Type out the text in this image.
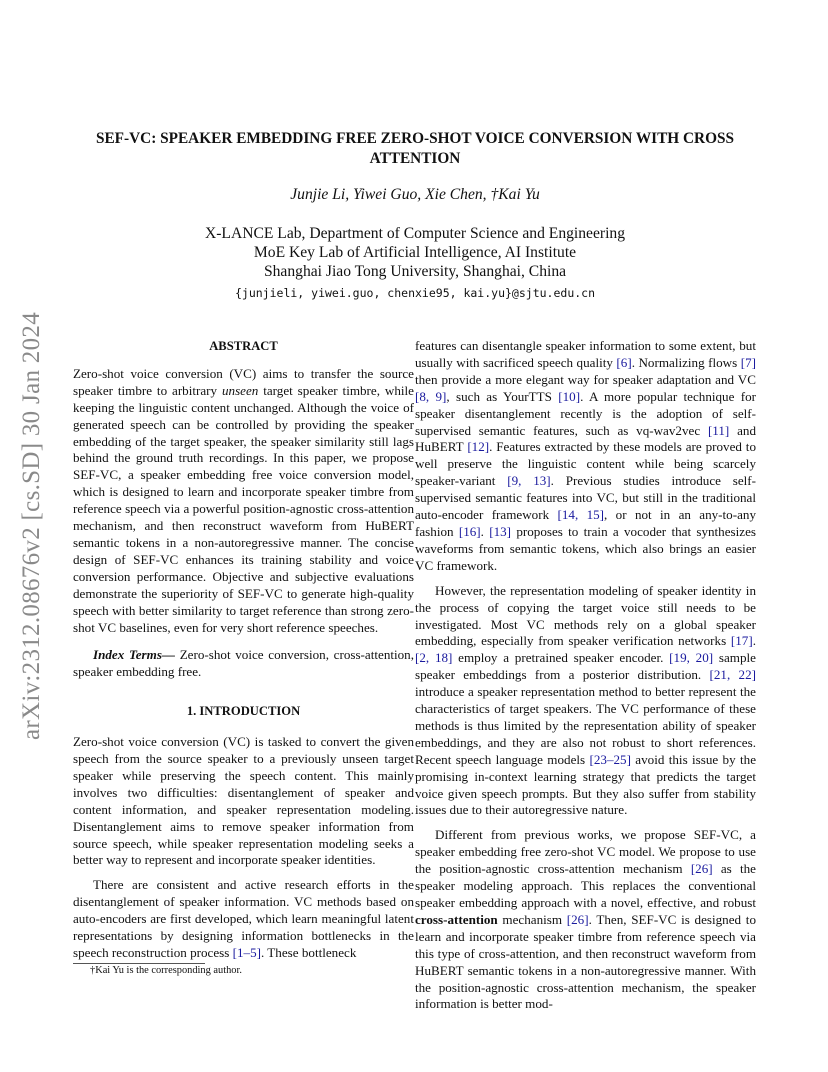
arXiv:2312.08676v2 [cs.SD] 30 Jan 2024
SEF-VC: SPEAKER EMBEDDING FREE ZERO-SHOT VOICE CONVERSION WITH CROSS
ATTENTION
Junjie Li, Yiwei Guo, Xie Chen, †Kai Yu
X-LANCE Lab, Department of Computer Science and Engineering
MoE Key Lab of Artificial Intelligence, AI Institute
Shanghai Jiao Tong University, Shanghai, China
{junjieli, yiwei.guo, chenxie95, kai.yu}@sjtu.edu.cn
ABSTRACT

Zero-shot voice conversion (VC) aims to transfer the source speaker timbre to arbitrary unseen target speaker timbre, while keeping the linguistic content unchanged. Although the voice of generated speech can be controlled by providing the speaker embedding of the target speaker, the speaker similarity still lags behind the ground truth recordings. In this paper, we propose SEF-VC, a speaker embedding free voice conversion model, which is designed to learn and incorporate speaker timbre from reference speech via a powerful position-agnostic cross-attention mechanism, and then reconstruct waveform from HuBERT semantic tokens in a non-autoregressive manner. The concise design of SEF-VC enhances its training stability and voice conversion performance. Objective and subjective evaluations demonstrate the superiority of SEF-VC to generate high-quality speech with better similarity to target reference than strong zero-shot VC baselines, even for very short reference speeches.

Index Terms— Zero-shot voice conversion, cross-attention, speaker embedding free.

1. INTRODUCTION

Zero-shot voice conversion (VC) is tasked to convert the given speech from the source speaker to a previously unseen target speaker while preserving the speech content. This mainly involves two difficulties: disentanglement of speaker and content information, and speaker representation modeling. Disentanglement aims to remove speaker information from source speech, while speaker representation modeling seeks a better way to represent and incorporate speaker identities.

There are consistent and active research efforts in the disentanglement of speaker information. VC methods based on auto-encoders are first developed, which learn meaningful latent representations by designing information bottlenecks in the speech reconstruction process [1–5]. These bottleneck

†Kai Yu is the corresponding author.

features can disentangle speaker information to some extent, but usually with sacrificed speech quality [6]. Normalizing flows [7] then provide a more elegant way for speaker adaptation and VC [8, 9], such as YourTTS [10]. A more popular technique for speaker disentanglement recently is the adoption of self-supervised semantic features, such as vq-wav2vec [11] and HuBERT [12]. Features extracted by these models are proved to well preserve the linguistic content while being scarcely speaker-variant [9, 13]. Previous studies introduce self-supervised semantic features into VC, but still in the traditional auto-encoder framework [14, 15], or not in an any-to-any fashion [16]. [13] proposes to train a vocoder that synthesizes waveforms from semantic tokens, which also brings an easier VC framework.

However, the representation modeling of speaker identity in the process of copying the target voice still needs to be investigated. Most VC methods rely on a global speaker embedding, especially from speaker verification networks [17]. [2, 18] employ a pretrained speaker encoder. [19, 20] sample speaker embeddings from a posterior distribution. [21, 22] introduce a speaker representation method to better represent the characteristics of target speakers. The VC performance of these methods is thus limited by the representation ability of speaker embeddings, and they are also not robust to short references. Recent speech language models [23–25] avoid this issue by the promising in-context learning strategy that predicts the target voice given speech prompts. But they also suffer from stability issues due to their autoregressive nature.

Different from previous works, we propose SEF-VC, a speaker embedding free zero-shot VC model. We propose to use the position-agnostic cross-attention mechanism [26] as the speaker modeling approach. This replaces the conventional speaker embedding approach with a novel, effective, and robust cross-attention mechanism [26]. Then, SEF-VC is designed to learn and incorporate speaker timbre from reference speech via this type of cross-attention, and then reconstruct waveform from HuBERT semantic tokens in a non-autoregressive manner. With the position-agnostic cross-attention mechanism, the speaker information is better mod-
